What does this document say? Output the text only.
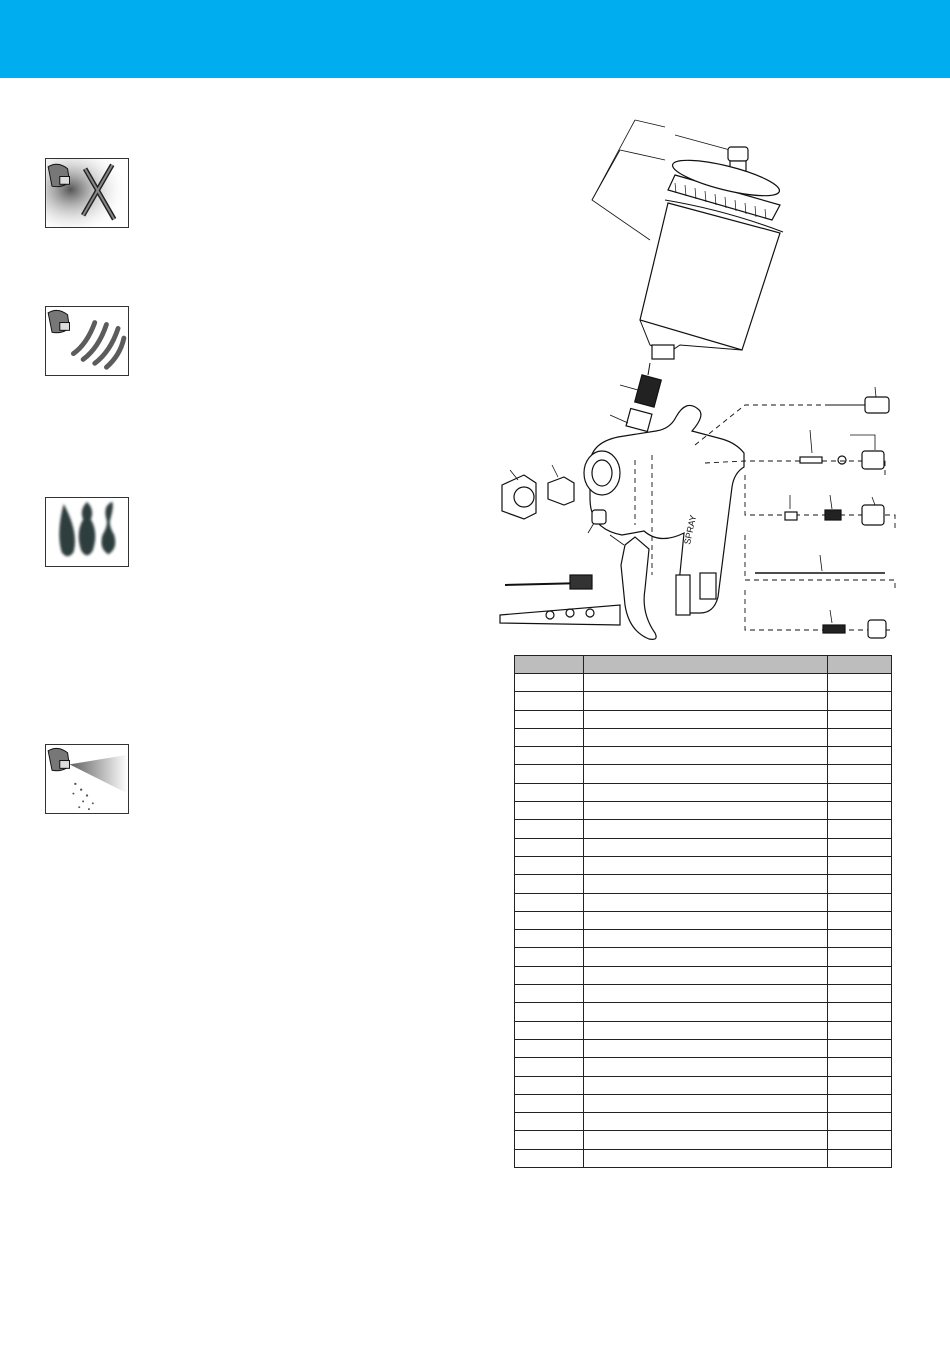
SPRAY
